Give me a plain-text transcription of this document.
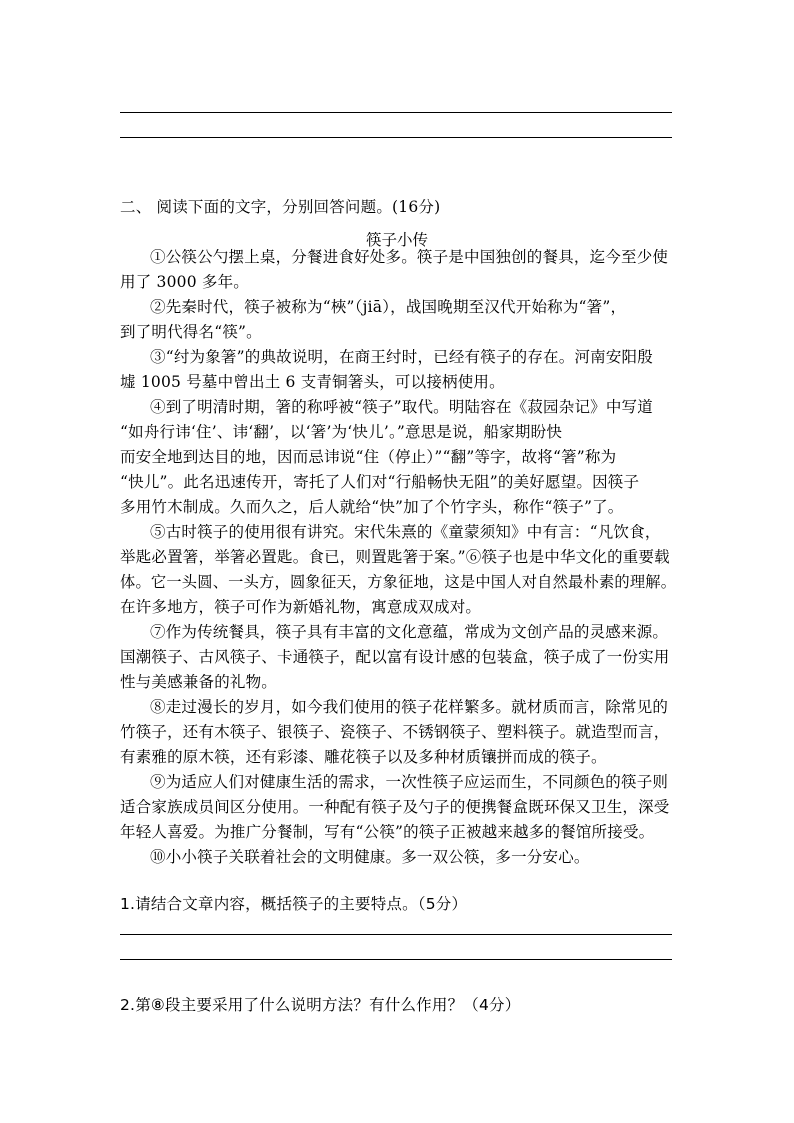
二、 阅读下面的文字，分别回答问题。(16分)
筷子小传
①公筷公勺摆上桌，分餐进食好处多。筷子是中国独创的餐具，迄今至少使
用了 3000 多年。
②先秦时代，筷子被称为“梜”（jiā），战国晚期至汉代开始称为“箸”，
到了明代得名“筷”。
③“纣为象箸”的典故说明，在商王纣时，已经有筷子的存在。河南安阳殷
墟 1005 号墓中曾出土 6 支青铜箸头，可以接柄使用。
④到了明清时期，箸的称呼被“筷子”取代。明陆容在《菽园杂记》中写道
“如舟行讳‘住’、讳‘翻’，以‘箸’为‘快儿’。”意思是说，船家期盼快
而安全地到达目的地，因而忌讳说“住（停止）”“翻”等字，故将“箸”称为
“快儿”。此名迅速传开，寄托了人们对“行船畅快无阻”的美好愿望。因筷子
多用竹木制成。久而久之，后人就给“快”加了个竹字头，称作“筷子”了。
⑤古时筷子的使用很有讲究。宋代朱熹的《童蒙须知》中有言：“凡饮食，
举匙必置箸，举箸必置匙。食已，则置匙箸于案。”⑥筷子也是中华文化的重要载
体。它一头圆、一头方，圆象征天，方象征地，这是中国人对自然最朴素的理解。
在许多地方，筷子可作为新婚礼物，寓意成双成对。
⑦作为传统餐具，筷子具有丰富的文化意蕴，常成为文创产品的灵感来源。
国潮筷子、古风筷子、卡通筷子，配以富有设计感的包装盒，筷子成了一份实用
性与美感兼备的礼物。
⑧走过漫长的岁月，如今我们使用的筷子花样繁多。就材质而言，除常见的
竹筷子，还有木筷子、银筷子、瓷筷子、不锈钢筷子、塑料筷子。就造型而言，
有素雅的原木筷，还有彩漆、雕花筷子以及多种材质镶拼而成的筷子。
⑨为适应人们对健康生活的需求，一次性筷子应运而生，不同颜色的筷子则
适合家族成员间区分使用。一种配有筷子及勺子的便携餐盒既环保又卫生，深受
年轻人喜爱。为推广分餐制，写有“公筷”的筷子正被越来越多的餐馆所接受。
⑩小小筷子关联着社会的文明健康。多一双公筷，多一分安心。
1.请结合文章内容，概括筷子的主要特点。（5分）
2.第⑧段主要采用了什么说明方法？有什么作用？（4分）
